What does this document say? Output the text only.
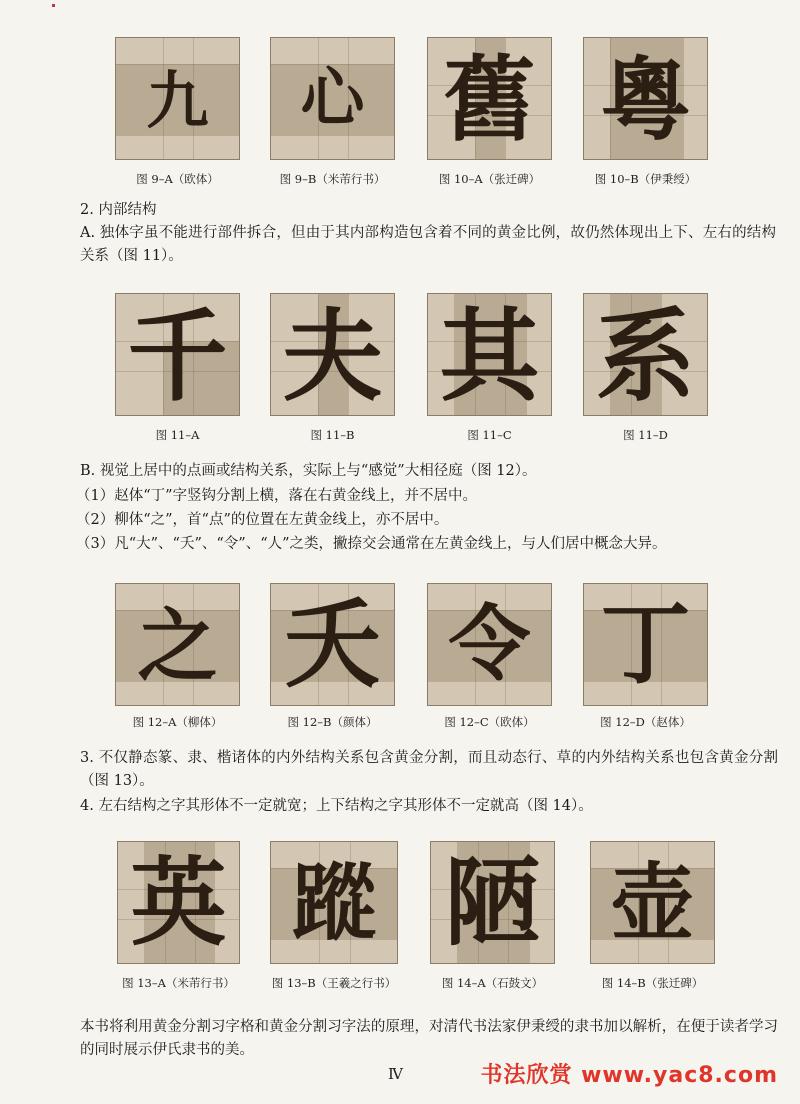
九
图 9–A（欧体）
心
图 9–B（米芾行书）
舊
图 10–A（张迁碑）
粵
图 10–B（伊秉绶）
2. 内部结构
A. 独体字虽不能进行部件拆合，但由于其内部构造包含着不同的黄金比例，故仍然体现出上下、左右的结构关系（图 11）。
千
图 11–A
夫
图 11–B
其
图 11–C
系
图 11–D
B. 视觉上居中的点画或结构关系，实际上与“感觉”大相径庭（图 12）。
（1）赵体“丁”字竖钩分割上横，落在右黄金线上，并不居中。
（2）柳体“之”，首“点”的位置在左黄金线上，亦不居中。
（3）凡“大”、“夭”、“令”、“人”之类，撇捺交会通常在左黄金线上，与人们居中概念大异。
之
图 12–A（柳体）
夭
图 12–B（颜体）
令
图 12–C（欧体）
丁
图 12–D（赵体）
3. 不仅静态篆、隶、楷诸体的内外结构关系包含黄金分割，而且动态行、草的内外结构关系也包含黄金分割（图 13）。
4. 左右结构之字其形体不一定就宽；上下结构之字其形体不一定就高（图 14）。
英
图 13–A（米芾行书）
蹤
图 13–B（王羲之行书）
陋
图 14–A（石鼓文）
壶
图 14–B（张迁碑）
本书将利用黄金分割习字格和黄金分割习字法的原理，对清代书法家伊秉绶的隶书加以解析，在便于读者学习的同时展示伊氏隶书的美。
Ⅳ	书法欣赏 www.yac8.com
